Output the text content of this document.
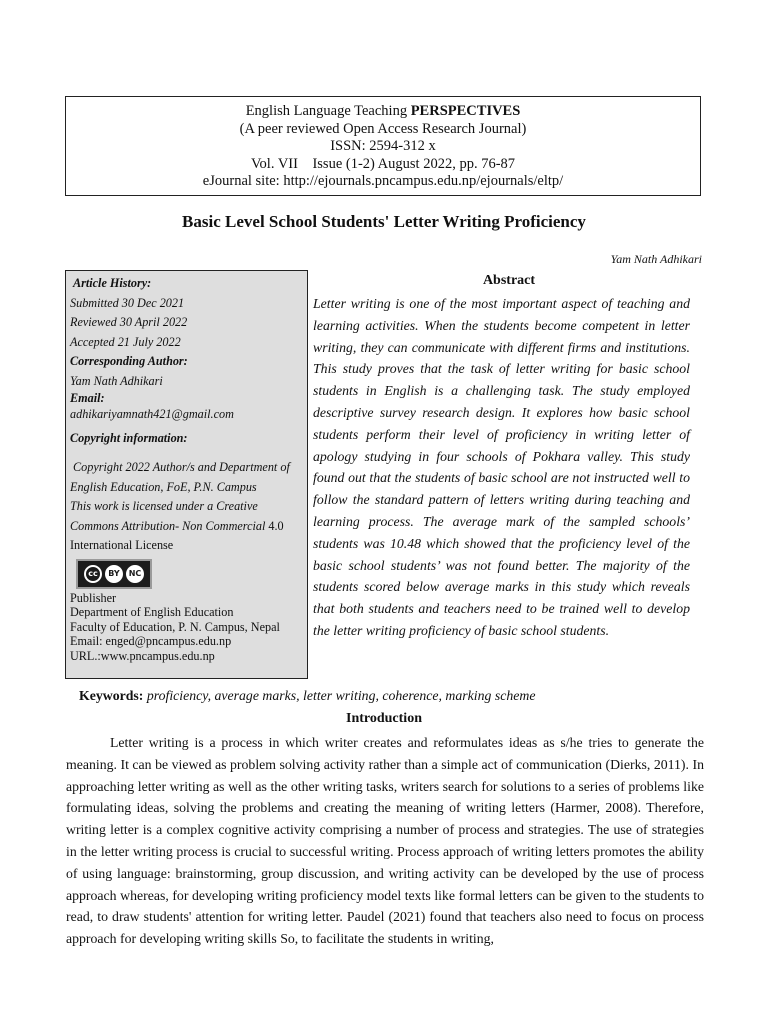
English Language Teaching PERSPECTIVES
(A peer reviewed Open Access Research Journal)
ISSN: 2594-312 x
Vol. VII    Issue (1-2) August 2022, pp. 76-87
eJournal site: http://ejournals.pncampus.edu.np/ejournals/eltp/
Basic Level School Students' Letter Writing Proficiency
Yam Nath Adhikari
Article History:
Submitted 30 Dec 2021
Reviewed 30 April 2022
Accepted 21 July 2022
Corresponding Author:
Yam Nath Adhikari
Email:
adhikariyamnath421@gmail.com
Copyright information:
Copyright 2022 Author/s and Department of English Education, FoE, P.N. Campus
This work is licensed under a Creative Commons Attribution- Non Commercial 4.0 International License
cc	BY	NC
Publisher
Department of English Education
Faculty of Education, P. N. Campus, Nepal
Email: enged@pncampus.edu.np
URL.:www.pncampus.edu.np
Abstract
Letter writing is one of the most important aspect of teaching and learning activities. When the students become competent in letter writing, they can communicate with different firms and institutions. This study proves that the task of letter writing for basic school students in English is a challenging task. The study employed descriptive survey research design. It explores how basic school students perform their level of proficiency in writing letter of apology studying in four schools of Pokhara valley. This study found out that the students of basic school are not instructed well to follow the standard pattern of letters writing during teaching and learning process. The average mark of the sampled schools’ students was 10.48 which showed that the proficiency level of the basic school students’ was not found better. The majority of the students scored below average marks in this study which reveals that both students and teachers need to be trained well to develop the letter writing proficiency of basic school students.
Keywords: proficiency, average marks, letter writing, coherence, marking scheme
Introduction

Letter writing is a process in which writer creates and reformulates ideas as s/he tries to generate the meaning. It can be viewed as problem solving activity rather than a simple act of communication (Dierks, 2011). In approaching letter writing as well as the other writing tasks, writers search for solutions to a series of problems like formulating ideas, solving the problems and creating the meaning of writing letters (Harmer, 2008). Therefore, writing letter is a complex cognitive activity comprising a number of process and strategies. The use of strategies in the letter writing process is crucial to successful writing. Process approach of writing letters promotes the ability of using language: brainstorming, group discussion, and writing activity can be developed by the use of process approach whereas, for developing writing proficiency model texts like formal letters can be given to the students to read, to draw students' attention for writing letter. Paudel (2021) found that teachers also need to focus on process approach for developing writing skills So, to facilitate the students in writing,
